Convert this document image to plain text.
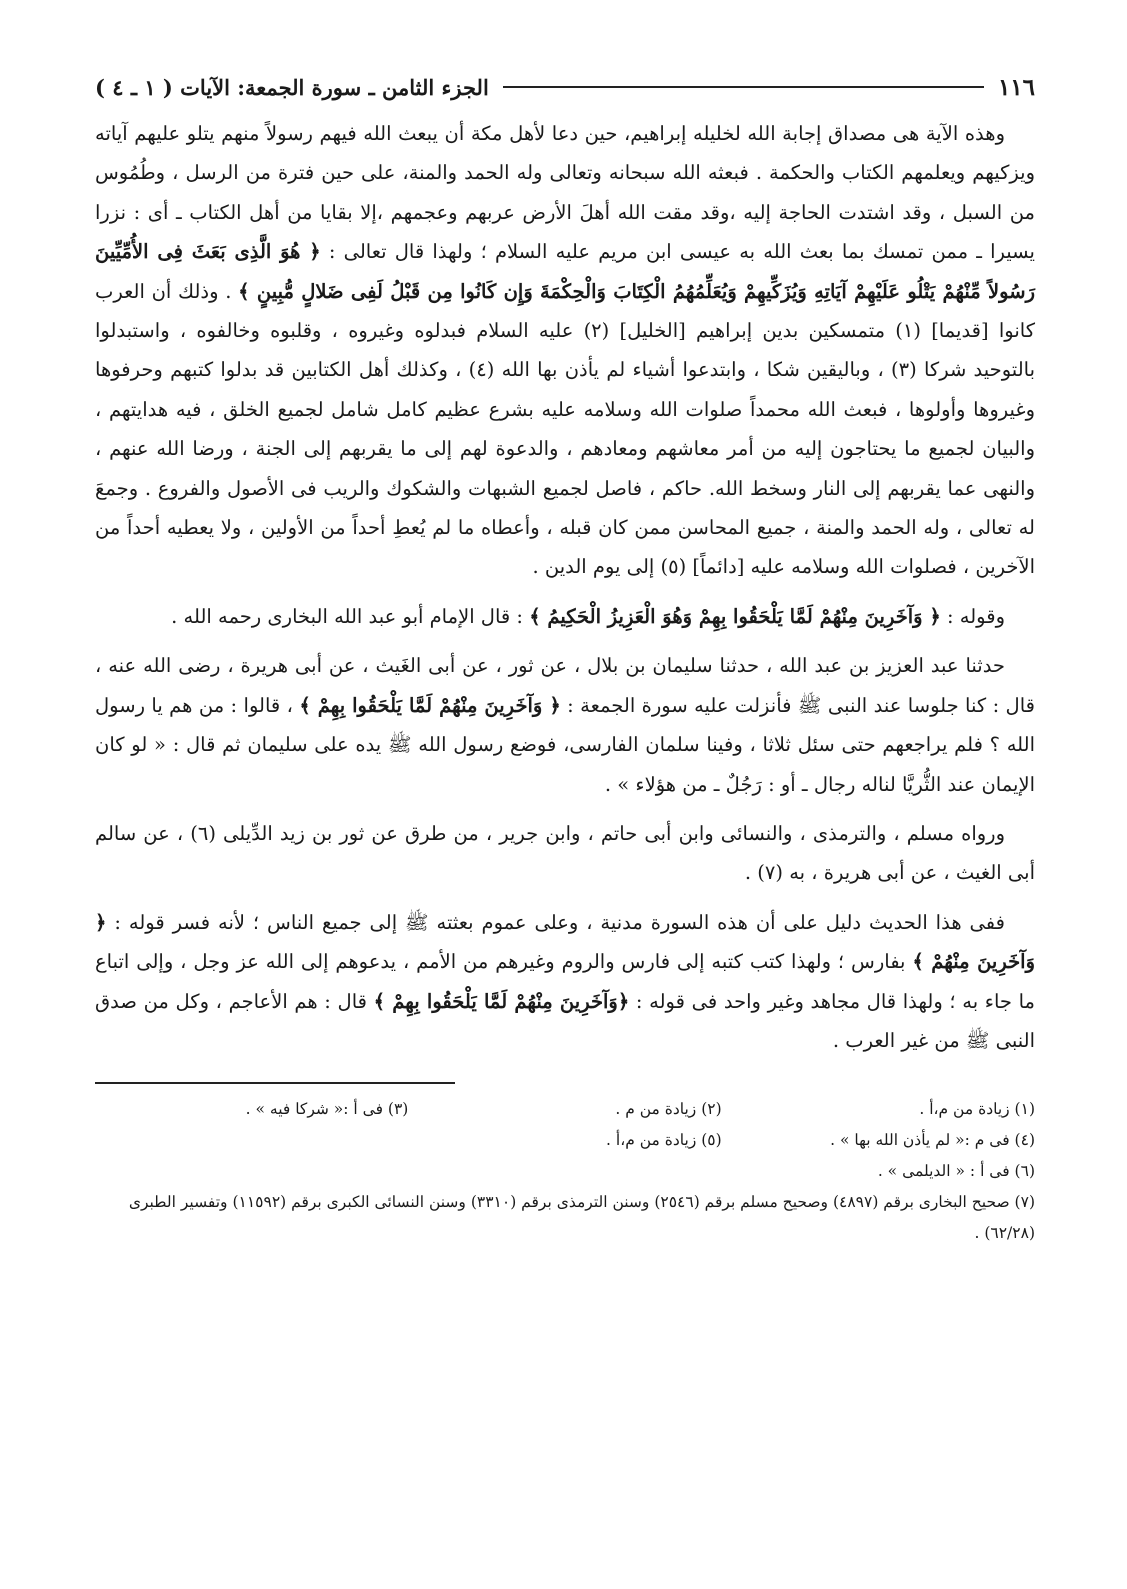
١١٦
الجزء الثامن ـ سورة الجمعة: الآيات ( ١ ـ ٤ )

وهذه الآية هى مصداق إجابة الله لخليله إبراهيم، حين دعا لأهل مكة أن يبعث الله فيهم رسولاً منهم يتلو عليهم آياته ويزكيهم ويعلمهم الكتاب والحكمة . فبعثه الله سبحانه وتعالى وله الحمد والمنة، على حين فترة من الرسل ، وطُمُوس من السبل ، وقد اشتدت الحاجة إليه ،وقد مقت الله أهلَ الأرض عربهم وعجمهم ،إلا بقايا من أهل الكتاب ـ أى : نزرا يسيرا ـ ممن تمسك بما بعث الله به عيسى ابن مريم عليه السلام ؛ ولهذا قال تعالى : ﴿ هُوَ الَّذِى بَعَثَ فِى الأُمِّيِّينَ رَسُولاً مِّنْهُمْ يَتْلُو عَلَيْهِمْ آيَاتِهِ وَيُزَكِّيهِمْ وَيُعَلِّمُهُمُ الْكِتَابَ وَالْحِكْمَةَ وَإِن كَانُوا مِن قَبْلُ لَفِى ضَلالٍ مُّبِينٍ ﴾ . وذلك أن العرب كانوا [قديما] (١) متمسكين بدين إبراهيم [الخليل] (٢) عليه السلام فبدلوه وغيروه ، وقلبوه وخالفوه ، واستبدلوا بالتوحيد شركا (٣) ، وباليقين شكا ، وابتدعوا أشياء لم يأذن بها الله (٤) ، وكذلك أهل الكتابين قد بدلوا كتبهم وحرفوها وغيروها وأولوها ، فبعث الله محمداً صلوات الله وسلامه عليه بشرع عظيم كامل شامل لجميع الخلق ، فيه هدايتهم ، والبيان لجميع ما يحتاجون إليه من أمر معاشهم ومعادهم ، والدعوة لهم إلى ما يقربهم إلى الجنة ، ورضا الله عنهم ، والنهى عما يقربهم إلى النار وسخط الله. حاكم ، فاصل لجميع الشبهات والشكوك والريب فى الأصول والفروع . وجمعَ له تعالى ، وله الحمد والمنة ، جميع المحاسن ممن كان قبله ، وأعطاه ما لم يُعطِ أحداً من الأولين ، ولا يعطيه أحداً من الآخرين ، فصلوات الله وسلامه عليه [دائماً] (٥) إلى يوم الدين .

وقوله : ﴿ وَآخَرِينَ مِنْهُمْ لَمَّا يَلْحَقُوا بِهِمْ وَهُوَ الْعَزِيزُ الْحَكِيمُ ﴾ : قال الإمام أبو عبد الله البخارى رحمه الله .

حدثنا عبد العزيز بن عبد الله ، حدثنا سليمان بن بلال ، عن ثور ، عن أبى الغَيث ، عن أبى هريرة ، رضى الله عنه ، قال : كنا جلوسا عند النبى ﷺ فأنزلت عليه سورة الجمعة : ﴿ وَآخَرِينَ مِنْهُمْ لَمَّا يَلْحَقُوا بِهِمْ ﴾ ، قالوا : من هم يا رسول الله ؟ فلم يراجعهم حتى سئل ثلاثا ، وفينا سلمان الفارسى، فوضع رسول الله ﷺ يده على سليمان ثم قال : « لو كان الإيمان عند الثُّريَّا لناله رجال ـ أو : رَجُلٌ ـ من هؤلاء » .

ورواه مسلم ، والترمذى ، والنسائى وابن أبى حاتم ، وابن جرير ، من طرق عن ثور بن زيد الدِّيلى (٦) ، عن سالم أبى الغيث ، عن أبى هريرة ، به (٧) .

ففى هذا الحديث دليل على أن هذه السورة مدنية ، وعلى عموم بعثته ﷺ إلى جميع الناس ؛ لأنه فسر قوله : ﴿ وَآخَرِينَ مِنْهُمْ ﴾ بفارس ؛ ولهذا كتب كتبه إلى فارس والروم وغيرهم من الأمم ، يدعوهم إلى الله عز وجل ، وإلى اتباع ما جاء به ؛ ولهذا قال مجاهد وغير واحد فى قوله : ﴿وَآخَرِينَ مِنْهُمْ لَمَّا يَلْحَقُوا بِهِمْ ﴾ قال : هم الأعاجم ، وكل من صدق النبى ﷺ من غير العرب .

(١) زيادة من م،أ .
(٢) زيادة من م .
(٣) فى أ :« شركا فيه » .
(٤) فى م :« لم يأذن الله بها » .
(٥) زيادة من م،أ .
(٦) فى أ : « الديلمى » .
(٧) صحيح البخارى برقم (٤٨٩٧) وصحيح مسلم برقم (٢٥٤٦) وسنن الترمذى برقم (٣٣١٠) وسنن النسائى الكبرى برقم (١١٥٩٢) وتفسير الطبرى (٦٢/٢٨) .
